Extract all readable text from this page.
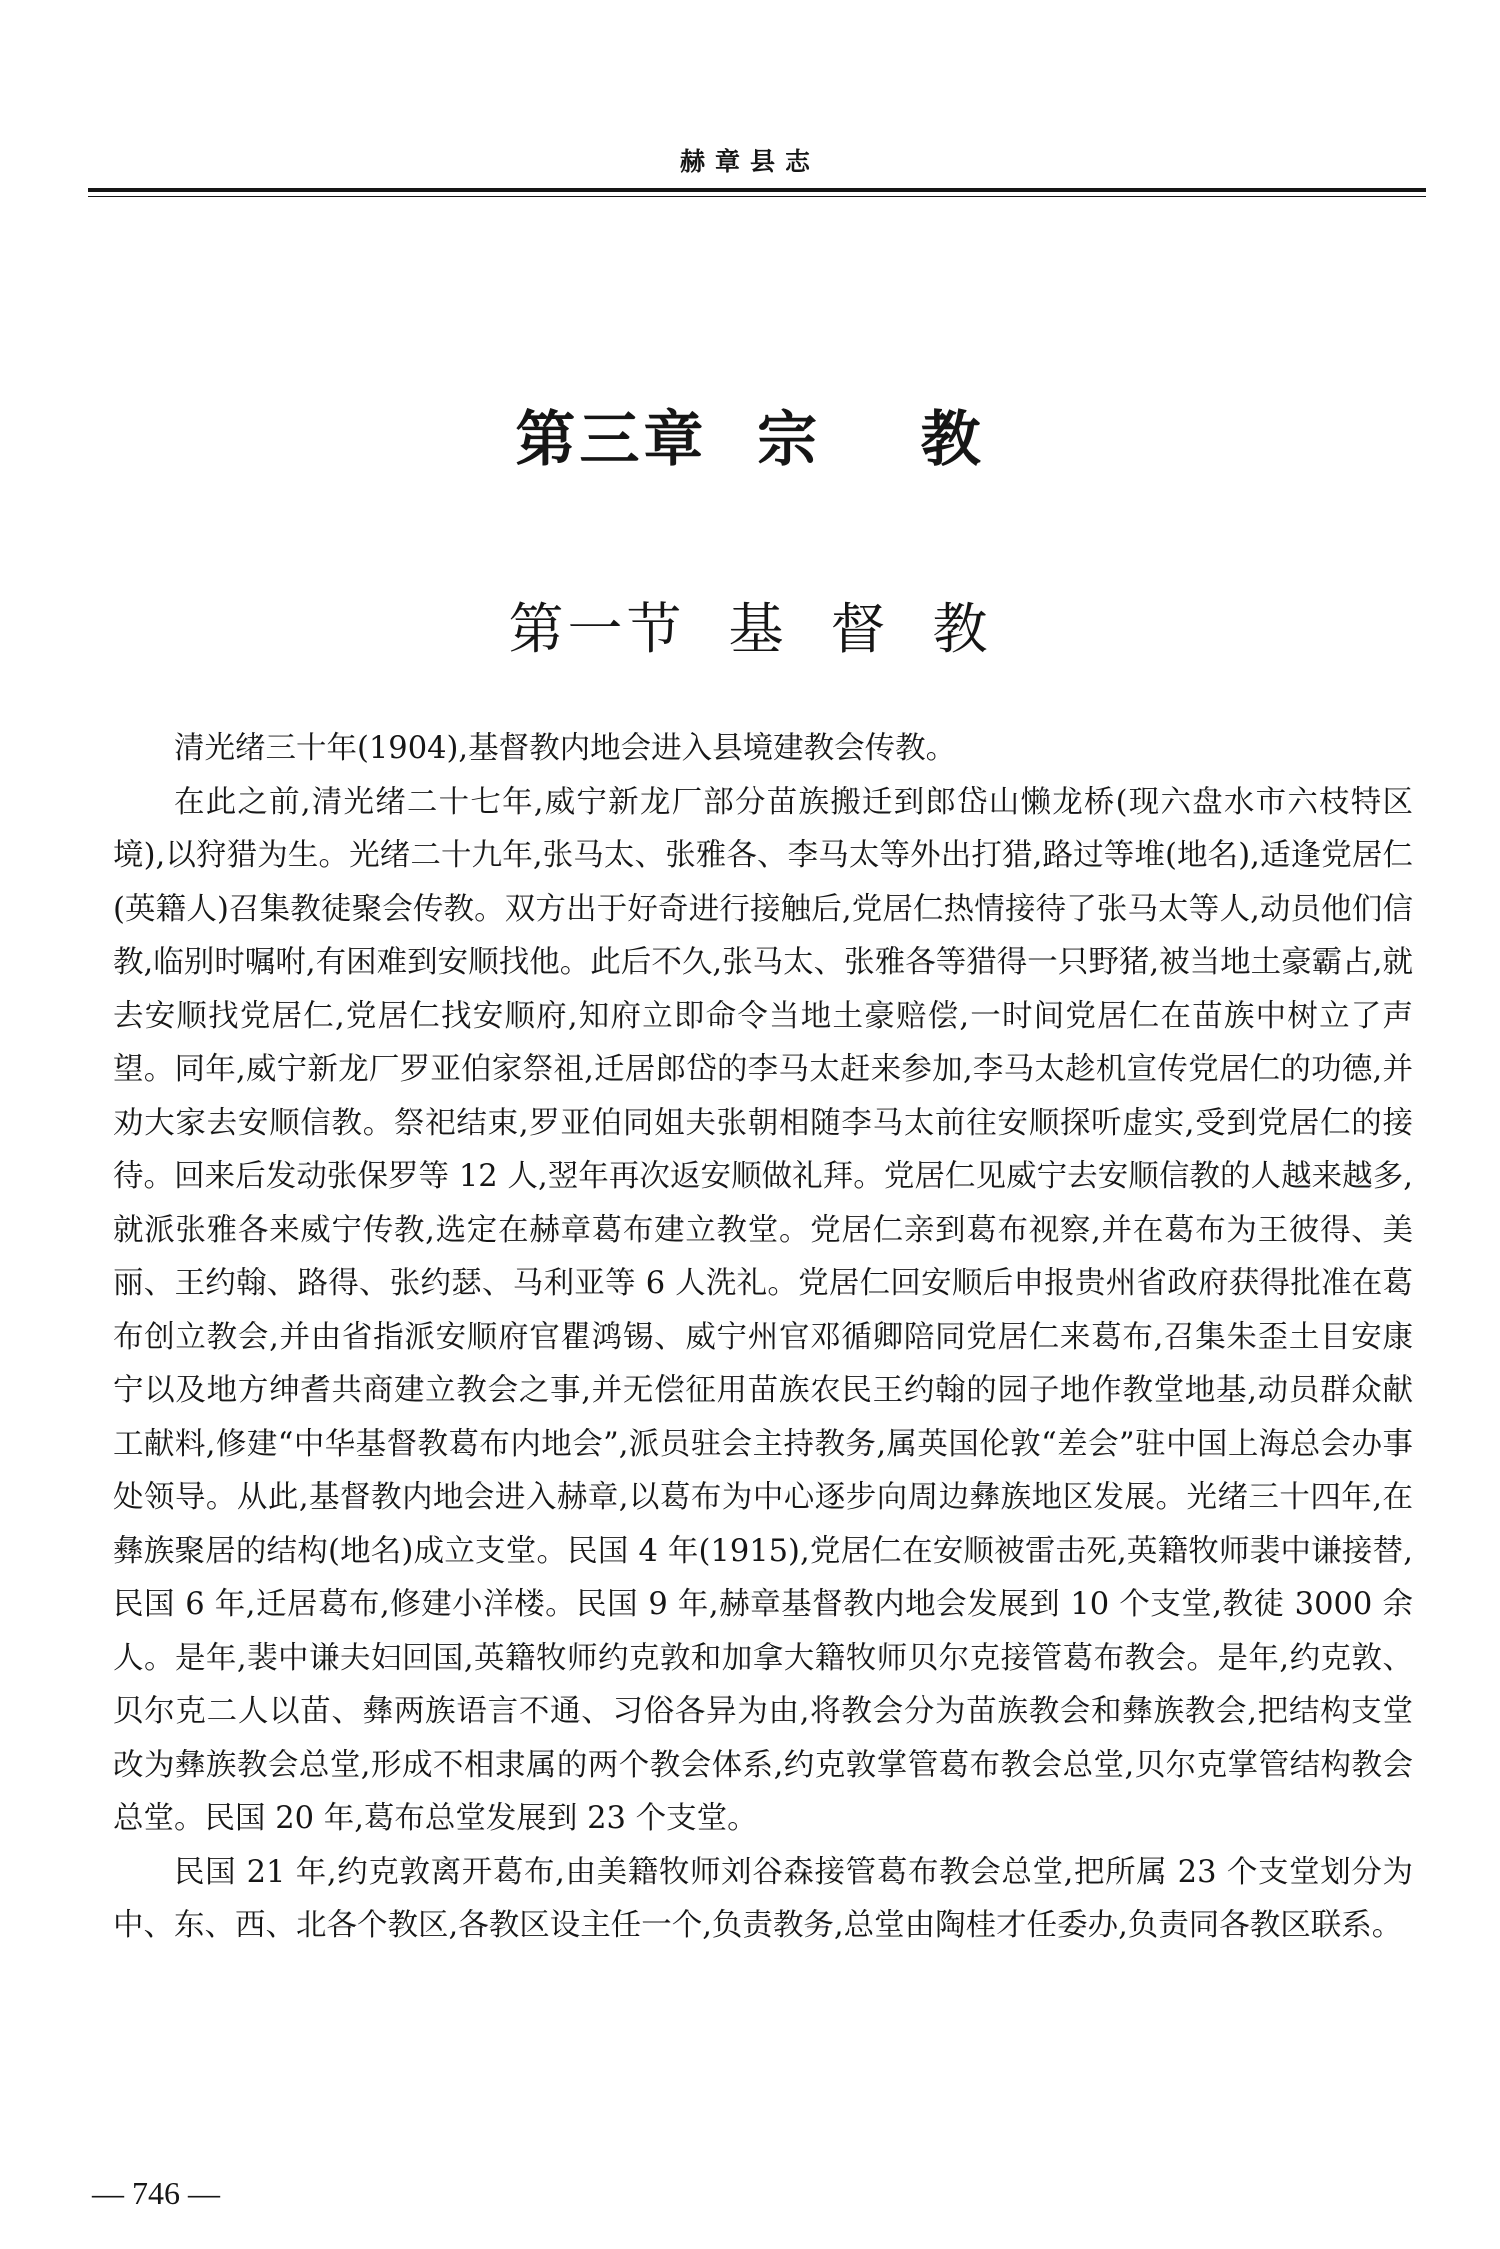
赫章县志
第三章  宗    教
第一节  基  督  教

清光绪三十年(1904),基督教内地会进入县境建教会传教。

在此之前,清光绪二十七年,威宁新龙厂部分苗族搬迁到郎岱山懒龙桥(现六盘水市六枝特区境),以狩猎为生。光绪二十九年,张马太、张雅各、李马太等外出打猎,路过等堆(地名),适逢党居仁(英籍人)召集教徒聚会传教。双方出于好奇进行接触后,党居仁热情接待了张马太等人,动员他们信教,临别时嘱咐,有困难到安顺找他。此后不久,张马太、张雅各等猎得一只野猪,被当地土豪霸占,就去安顺找党居仁,党居仁找安顺府,知府立即命令当地土豪赔偿,一时间党居仁在苗族中树立了声望。同年,威宁新龙厂罗亚伯家祭祖,迁居郎岱的李马太赶来参加,李马太趁机宣传党居仁的功德,并劝大家去安顺信教。祭祀结束,罗亚伯同姐夫张朝相随李马太前往安顺探听虚实,受到党居仁的接待。回来后发动张保罗等 12 人,翌年再次返安顺做礼拜。党居仁见威宁去安顺信教的人越来越多,就派张雅各来威宁传教,选定在赫章葛布建立教堂。党居仁亲到葛布视察,并在葛布为王彼得、美丽、王约翰、路得、张约瑟、马利亚等 6 人洗礼。党居仁回安顺后申报贵州省政府获得批准在葛布创立教会,并由省指派安顺府官瞿鸿锡、威宁州官邓循卿陪同党居仁来葛布,召集朱歪土目安康宁以及地方绅耆共商建立教会之事,并无偿征用苗族农民王约翰的园子地作教堂地基,动员群众献工献料,修建“中华基督教葛布内地会”,派员驻会主持教务,属英国伦敦“差会”驻中国上海总会办事处领导。从此,基督教内地会进入赫章,以葛布为中心逐步向周边彝族地区发展。光绪三十四年,在彝族聚居的结构(地名)成立支堂。民国 4 年(1915),党居仁在安顺被雷击死,英籍牧师裴中谦接替,民国 6 年,迁居葛布,修建小洋楼。民国 9 年,赫章基督教内地会发展到 10 个支堂,教徒 3000 余人。是年,裴中谦夫妇回国,英籍牧师约克敦和加拿大籍牧师贝尔克接管葛布教会。是年,约克敦、贝尔克二人以苗、彝两族语言不通、习俗各异为由,将教会分为苗族教会和彝族教会,把结构支堂改为彝族教会总堂,形成不相隶属的两个教会体系,约克敦掌管葛布教会总堂,贝尔克掌管结构教会总堂。民国 20 年,葛布总堂发展到 23 个支堂。

民国 21 年,约克敦离开葛布,由美籍牧师刘谷森接管葛布教会总堂,把所属 23 个支堂划分为中、东、西、北各个教区,各教区设主任一个,负责教务,总堂由陶桂才任委办,负责同各教区联系。

— 746 —
